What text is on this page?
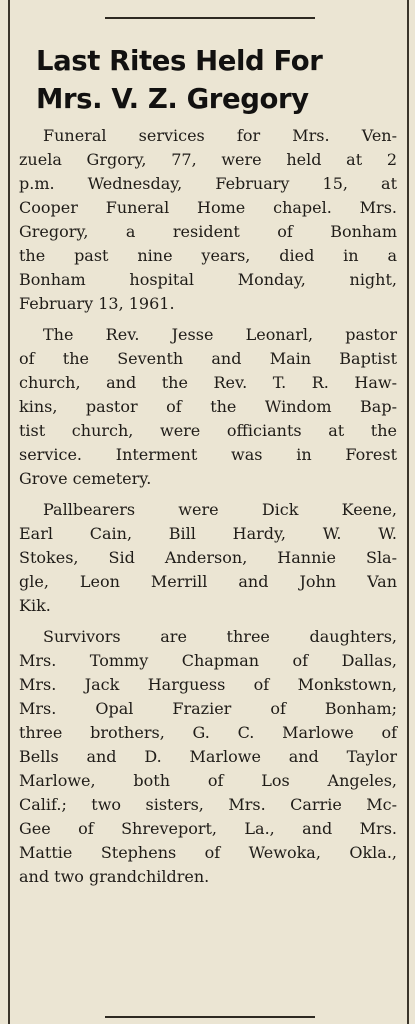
Last Rites Held For
Mrs. V. Z. Gregory
Funeral services for Mrs. Ven-
zuela Grgory, 77, were held at 2
p.m. Wednesday, February 15, at
Cooper Funeral Home chapel. Mrs.
Gregory, a resident of Bonham
the past nine years, died in a
Bonham hospital Monday, night,
February 13, 1961.
The Rev. Jesse Leonarl, pastor
of the Seventh and Main Baptist
church, and the Rev. T. R. Haw-
kins, pastor of the Windom Bap-
tist church, were officiants at the
service. Interment was in Forest
Grove cemetery.
Pallbearers were Dick Keene,
Earl Cain, Bill Hardy, W. W.
Stokes, Sid Anderson, Hannie Sla-
gle, Leon Merrill and John Van
Kik.
Survivors are three daughters,
Mrs. Tommy Chapman of Dallas,
Mrs. Jack Harguess of Monkstown,
Mrs. Opal Frazier of Bonham;
three brothers, G. C. Marlowe of
Bells and D. Marlowe and Taylor
Marlowe, both of Los Angeles,
Calif.; two sisters, Mrs. Carrie Mc-
Gee of Shreveport, La., and Mrs.
Mattie Stephens of Wewoka, Okla.,
and two grandchildren.
